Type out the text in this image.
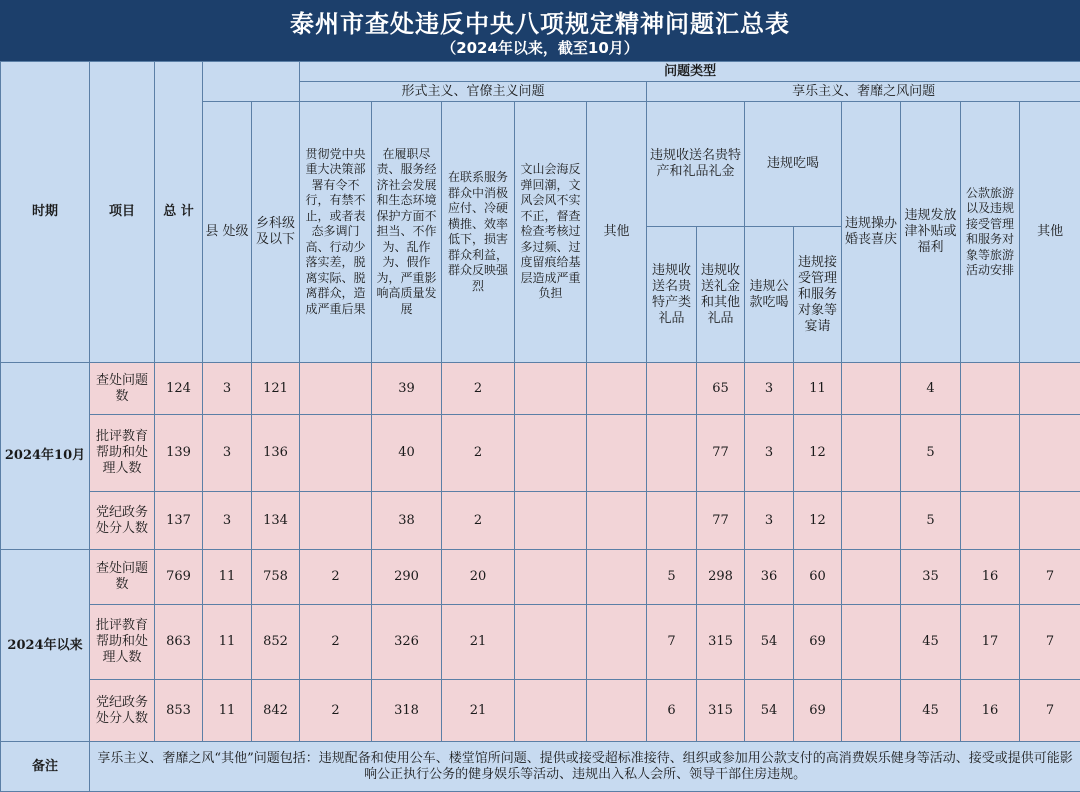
泰州市查处违反中央八项规定精神问题汇总表
（2024年以来，截至10月）
时期	项目	总 计			问题类型												
					形式主义、官僚主义问题					享乐主义、奢靡之风问题							
			县 处级	乡科级及以下	贯彻党中央重大决策部署有令不行，有禁不止，或者表态多调门高、行动少落实差，脱离实际、脱离群众，造成严重后果	在履职尽责、服务经济社会发展和生态环境保护方面不担当、不作为、乱作为、假作为，严重影响高质量发展	在联系服务群众中消极应付、冷硬横推、效率低下，损害群众利益，群众反映强烈	文山会海反弹回潮，文风会风不实不正，督查检查考核过多过频、过度留痕给基层造成严重负担	其他	违规收送名贵特产和礼品礼金		违规吃喝		违规操办婚丧喜庆	违规发放津补贴或福利	公款旅游以及违规接受管理和服务对象等旅游活动安排	其他
										违规收送名贵特产类礼品	违规收送礼金和其他礼品	违规公款吃喝	违规接受管理和服务对象等宴请				
2024年10月	查处问题数	124	3	121		39	2				65	3	11		4		
	批评教育帮助和处理人数	139	3	136		40	2				77	3	12		5		
	党纪政务处分人数	137	3	134		38	2				77	3	12		5		
2024年以来	查处问题数	769	11	758	2	290	20			5	298	36	60		35	16	7
	批评教育帮助和处理人数	863	11	852	2	326	21			7	315	54	69		45	17	7
	党纪政务处分人数	853	11	842	2	318	21			6	315	54	69		45	16	7
备注	享乐主义、奢靡之风“其他”问题包括：违规配备和使用公车、楼堂馆所问题、提供或接受超标准接待、组织或参加用公款支付的高消费娱乐健身等活动、接受或提供可能影响公正执行公务的健身娱乐等活动、违规出入私人会所、领导干部住房违规。																
